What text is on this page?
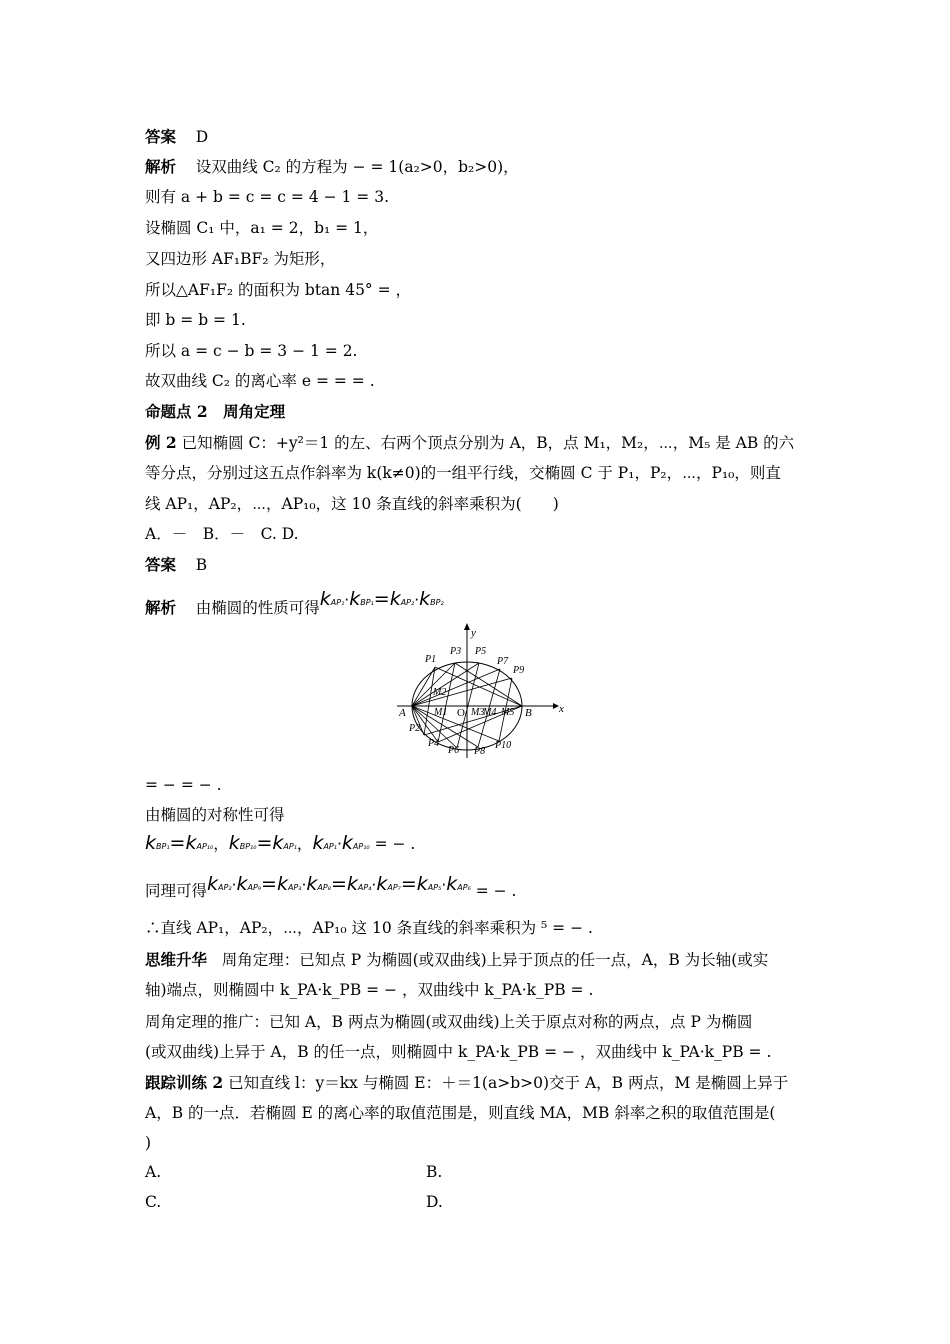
答案 D
解析 设双曲线 C₂ 的方程为 − = 1(a₂>0，b₂>0)，
则有 a + b = c = c = 4 − 1 = 3.
设椭圆 C₁ 中，a₁ = 2，b₁ = 1，
又四边形 AF₁BF₂ 为矩形，
所以△AF₁F₂ 的面积为 btan 45° = ，
即 b = b = 1.
所以 a = c − b = 3 − 1 = 2.
故双曲线 C₂ 的离心率 e = = = .
命题点 2　周角定理
例 2 已知椭圆 C：+y²＝1 的左、右两个顶点分别为 A，B，点 M₁，M₂，⋯，M₅ 是 AB 的六
等分点，分别过这五点作斜率为 k(k≠0)的一组平行线，交椭圆 C 于 P₁，P₂，⋯，P₁₀，则直
线 AP₁，AP₂，⋯，AP₁₀，这 10 条直线的斜率乘积为(　　)
A．－　B．－　C. D.
答案 B
解析 由椭圆的性质可得kAP₁·kBP₁=kAP₂·kBP₂
x
y
O
A	B
P1
P2
P3
P4
P5
P6
P7
P8
P9
P10
M1
M2
M3
M4 M5
= − = − .
由椭圆的对称性可得
kBP₁=kAP₁₀，kBP₁₀=kAP₁，kAP₁·kAP₁₀ = − .
同理可得kAP₂·kAP₉=kAP₃·kAP₈=kAP₄·kAP₇=kAP₅·kAP₆ = − .
∴直线 AP₁，AP₂，⋯，AP₁₀ 这 10 条直线的斜率乘积为 ⁵ = − .
思维升华 周角定理：已知点 P 为椭圆(或双曲线)上异于顶点的任一点，A，B 为长轴(或实
轴)端点，则椭圆中 k_PA·k_PB = − ，双曲线中 k_PA·k_PB = .
周角定理的推广：已知 A，B 两点为椭圆(或双曲线)上关于原点对称的两点，点 P 为椭圆
(或双曲线)上异于 A，B 的任一点，则椭圆中 k_PA·k_PB = − ，双曲线中 k_PA·k_PB = .
跟踪训练 2 已知直线 l：y＝kx 与椭圆 E：＋＝1(a>b>0)交于 A，B 两点，M 是椭圆上异于
A，B 的一点．若椭圆 E 的离心率的取值范围是，则直线 MA，MB 斜率之积的取值范围是(
)
A.	B.
C.	D.
